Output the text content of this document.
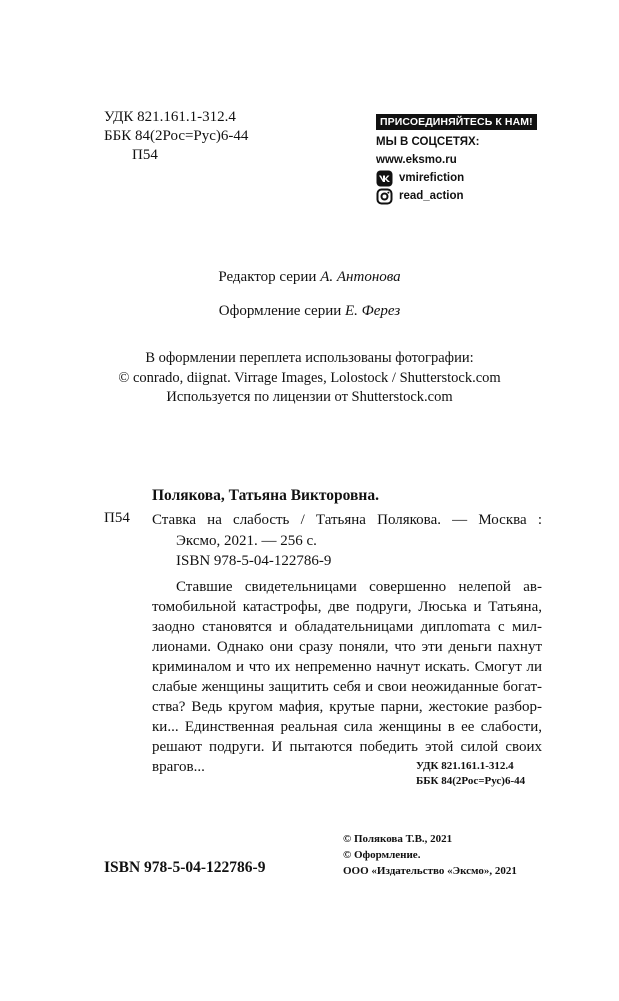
УДК 821.161.1-312.4
ББК 84(2Рос=Рус)6-44
П54
ПРИСОЕДИНЯЙТЕСЬ К НАМ!
МЫ В СОЦСЕТЯХ:
www.eksmo.ru
vmirefiction
read_action
Редактор серии А. Антонова
Оформление серии Е. Ферез
В оформлении переплета использованы фотографии:
© conrado, diignat. Virrage Images, Lolostock / Shutterstock.com
Используется по лицензии от Shutterstock.com
Полякова, Татьяна Викторовна.
П54 Ставка на слабость / Татьяна Полякова. — Москва :
Эксмо, 2021. — 256 с.
ISBN 978-5-04-122786-9
Ставшие свидетельницами совершенно нелепой ав-
томобильной катастрофы, две подруги, Люська и Татьяна,
заодно становятся и обладательницами диплomата с мил-
лионами. Однако они сразу поняли, что эти деньги пахнут
криминалом и что их непременно начнут искать. Смогут ли
слабые женщины защитить себя и свои неожиданные богат-
ства? Ведь кругом мафия, крутые парни, жестокие разбор-
ки... Единственная реальная сила женщины в ее слабости,
решают подруги. И пытаются победить этой силой своих
врагов...	УДК 821.161.1-312.4
ББК 84(2Рос=Рус)6-44
© Полякова Т.В., 2021
© Оформление.
ООО «Издательство «Эксмо», 2021
ISBN 978-5-04-122786-9
